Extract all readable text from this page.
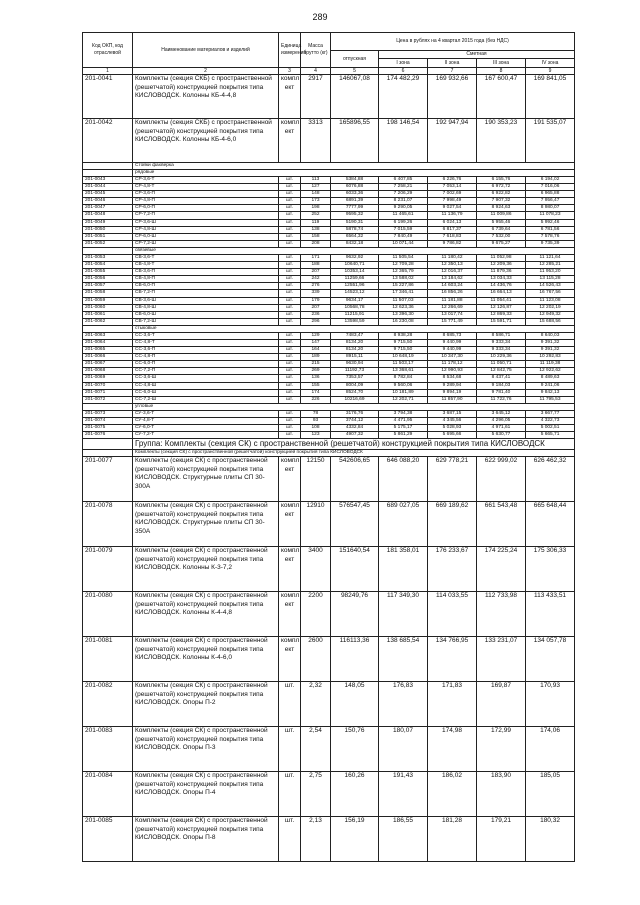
289
Код ОКП, код отраслевой	Наименование материалов и изделий	Единица измерения	Масса брутто (кг)	Цена в рублях на 4 квартал 2015 года (без НДС)				
				отпускная	Сметная			
					I зона	II зона	III зона	IV зона
1	2	3	4	5	6	7	8	9
201-0041	Комплекты (секция СКБ) с пространственной (решетчатой) конструкцией покрытия типа КИСЛОВОДСК. Колонны КБ-4-4,8	компл ект	2917	146067,08	174 482,29	169 932,66	167 600,47	169 841,05
201-0042	Комплекты (секция СКБ) с пространственной (решетчатой) конструкцией покрытия типа КИСЛОВОДСК. Колонны КБ-4-6,0	компл ект	3313	165896,55	198 146,54	192 947,94	190 353,23	191 535,07
	Стойки фахверка							
	рядовые							
201-0043	СР-3,6-Т	шт.	113	5384,88	6 407,85	6 226,76	6 155,76	6 194,02
201-0044	СР-4,8-Т	шт.	127	6076,88	7 258,21	7 053,14	6 972,72	7 016,06
201-0045	СР-3,6-П	шт.	148	6033,36	7 206,29	7 002,69	6 922,82	6 965,88
201-0046	СР-4,8-П	шт.	173	6891,39	8 231,07	7 998,49	7 907,32	7 956,47
201-0047	СР-6,0-П	шт.	198	7777,99	9 290,05	9 027,54	8 924,63	8 980,07
201-0048	СР-7,2-П	шт.	252	9595,32	11 465,61	11 136,79	11 009,86	11 078,23
201-0049	СР-3,6-Ш	шт.	119	5190,31	6 199,26	6 024,13	5 955,46	5 992,46
201-0050	СР-4,8-Ш	шт.	138	5878,74	7 015,59	6 817,37	6 739,64	6 781,56
201-0051	СР-6,0-Ш	шт.	158	6564,32	7 840,49	7 618,83	7 532,00	7 578,76
201-0052	СР-7,2-Ш	шт.	208	8432,18	10 071,44	9 786,82	9 675,27	9 735,39
	связевые							
201-0053	СВ-3,6-Т	шт.	171	9632,92	11 505,54	11 180,42	11 052,98	11 121,64
201-0054	СВ-4,8-Т	шт.	188	10640,71	12 709,28	12 350,13	12 209,36	12 285,21
201-0055	СВ-3,6-П	шт.	207	10353,14	12 365,79	12 016,37	11 879,36	11 953,20
201-0056	СВ-4,8-П	шт.	242	11259,66	13 588,02	13 184,62	13 034,33	13 115,28
201-0057	СВ-6,0-П	шт.	276	12551,96	15 227,86	14 603,24	14 436,76	14 526,43
201-0058	СВ-7,2-П	шт.	339	14523,12	17 346,41	16 856,26	16 664,13	16 767,56
201-0059	СВ-3,6-Ш	шт.	179	9634,17	11 507,03	11 181,88	11 054,41	11 123,08
201-0060	СВ-4,8-Ш	шт.	207	10568,78	12 623,36	12 266,69	12 126,87	12 202,19
201-0061	СВ-6,0-Ш	шт.	236	11215,91	13 396,30	13 017,74	12 869,33	12 949,32
201-0062	СВ-7,2-Ш	шт.	296	13598,59	16 230,08	15 771,49	15 591,71	15 688,56
	стыковые							
201-0063	СС-3,6-Т	шт.	129	7483,47	8 938,28	8 685,73	8 586,71	8 640,03
201-0064	СС-4,8-Т	шт.	147	8134,20	9 715,50	9 440,99	9 333,34	9 391,32
201-0065	СС-3,6-П	шт.	164	8134,20	9 715,50	9 440,99	9 333,34	9 391,32
201-0066	СС-4,8-П	шт.	189	8915,11	10 648,19	10 347,30	10 229,36	10 292,83
201-0067	СС-6,0-П	шт.	215	9630,94	11 503,17	11 178,12	11 050,71	11 119,38
201-0068	СС-7,2-П	шт.	269	11192,73	13 368,61	12 990,93	12 842,75	12 922,62
201-0069	СС-3,6-Ш	шт.	136	7353,57	8 782,84	8 534,68	8 437,41	8 489,63
201-0070	СС-4,8-Ш	шт.	155	8004,09	9 560,06	9 289,94	9 184,03	9 241,06
201-0071	СС-6,0-Ш	шт.	174	8524,70	10 181,89	9 894,19	9 781,40	9 842,13
201-0072	СС-7,2-Ш	шт.	226	10216,69	12 202,71	11 857,90	11 722,76	11 795,53
	угловые							
201-0073	СУ-3,6-Т	шт.	78	3176,76	3 794,38	3 687,15	3 645,12	3 667,77
201-0074	СУ-4,8-Т	шт.	93	3744,12	4 471,95	4 345,56	4 296,05	4 322,73
201-0075	СУ-6,0-Т	шт.	108	4332,84	5 175,17	5 028,93	4 971,61	5 002,51
201-0076	СУ-7,2-Т	шт.	123	4907,32	5 861,29	5 695,66	5 630,77	5 665,71
	Группа: Комплекты (секция СК) с пространственной (решетчатой) конструкцией покрытия типа КИСЛОВОДСК							
	Комплекты (секция СК) с пространственной (решетчатой) конструкцией покрытия типа КИСЛОВОДСК							
201-0077	Комплекты (секция СК) с пространственной (решетчатой) конструкцией покрытия типа КИСЛОВОДСК. Структурные плиты СП 30-300А	компл ект	12150	542606,65	646 088,20	629 778,21	622 999,02	626 462,32
201-0078	Комплекты (секция СК) с пространственной (решетчатой) конструкцией покрытия типа КИСЛОВОДСК. Структурные плиты СП 30-350А	компл ект	12910	576547,45	689 027,05	669 189,62	661 543,48	665 648,44
201-0079	Комплекты (секция СК) с пространственной (решетчатой) конструкцией покрытия типа КИСЛОВОДСК. Колонны К-3-7,2	компл ект	3400	151640,54	181 358,01	176 233,67	174 225,24	175 306,33
201-0080	Комплекты (секция СК) с пространственной (решетчатой) конструкцией покрытия типа КИСЛОВОДСК. Колонны К-4-4,8	компл ект	2200	98249,76	117 349,30	114 033,55	112 733,98	113 433,51
201-0081	Комплекты (секция СК) с пространственной (решетчатой) конструкцией покрытия типа КИСЛОВОДСК. Колонны К-4-6,0	компл ект	2600	116113,36	138 685,54	134 766,95	133 231,07	134 057,78
201-0082	Комплекты (секция СК) с пространственной (решетчатой) конструкцией покрытия типа КИСЛОВОДСК. Опоры П-2	шт.	2,32	148,05	176,83	171,83	169,87	170,93
201-0083	Комплекты (секция СК) с пространственной (решетчатой) конструкцией покрытия типа КИСЛОВОДСК. Опоры П-3	шт.	2,54	150,76	180,07	174,98	172,99	174,06
201-0084	Комплекты (секция СК) с пространственной (решетчатой) конструкцией покрытия типа КИСЛОВОДСК. Опоры П-4	шт.	2,75	160,26	191,43	186,02	183,90	185,05
201-0085	Комплекты (секция СК) с пространственной (решетчатой) конструкцией покрытия типа КИСЛОВОДСК. Опоры П-8	шт.	2,13	156,19	186,55	181,28	179,21	180,32
